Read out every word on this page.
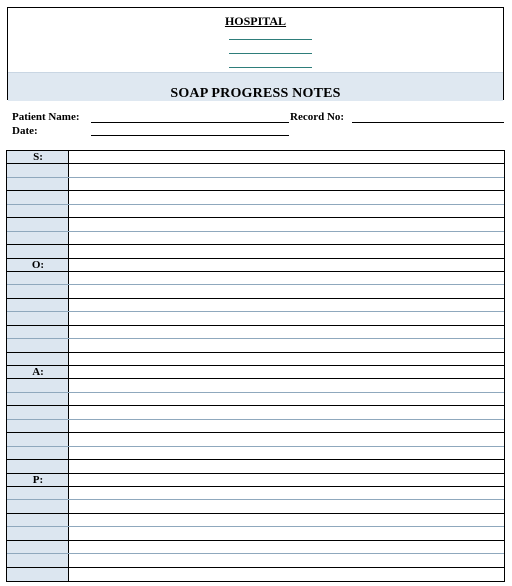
HOSPITAL
SOAP PROGRESS NOTES
Patient Name:	Record No:
Date:
S:
O:
A:
P:
